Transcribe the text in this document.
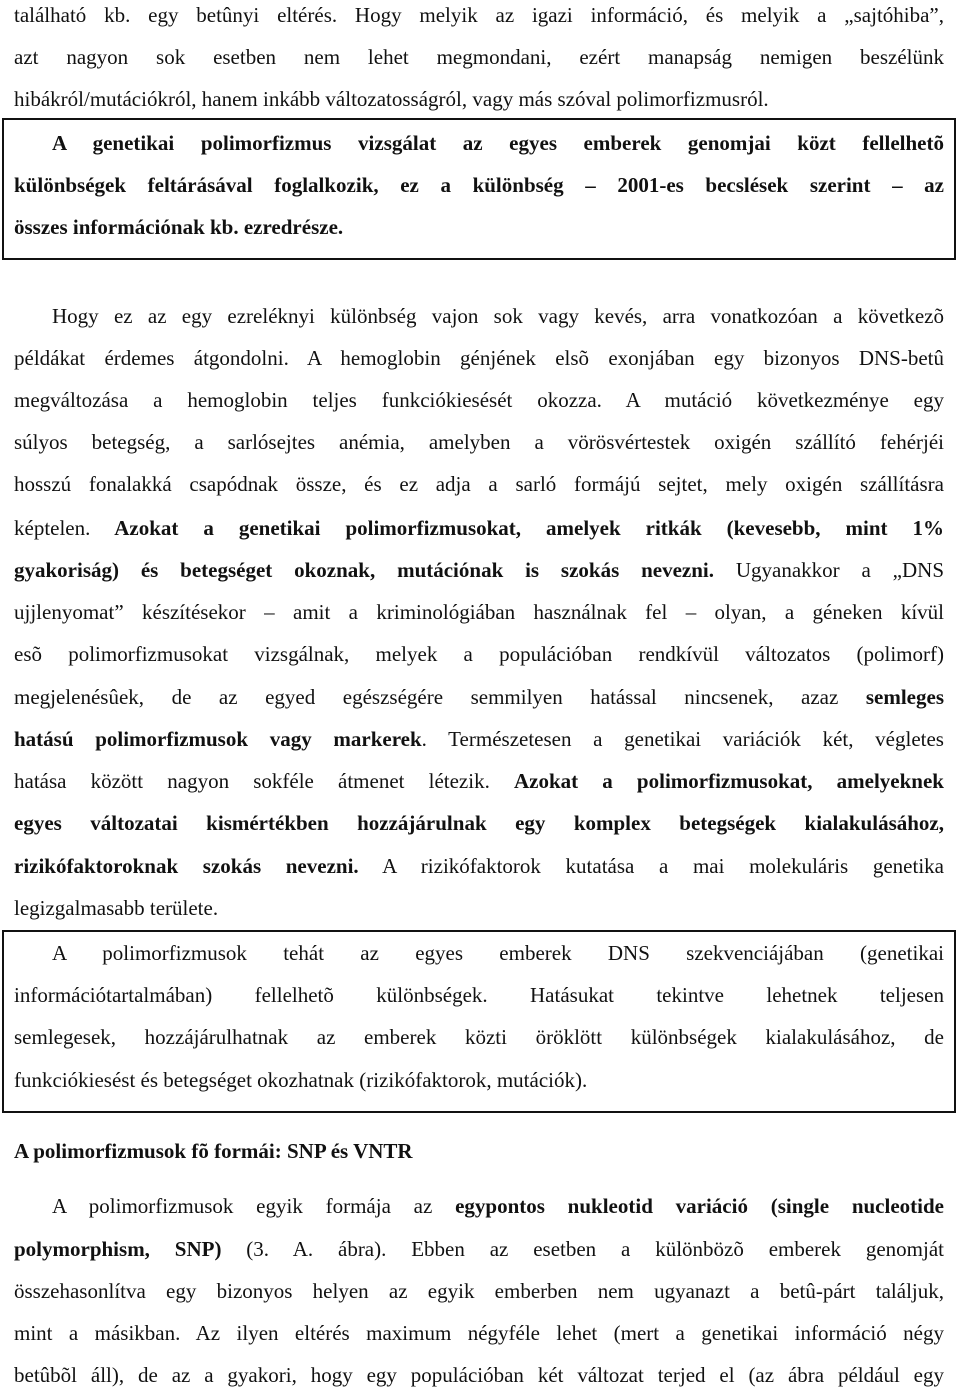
található kb. egy betûnyi eltérés. Hogy melyik az igazi információ, és melyik a „sajtóhiba”,
azt nagyon sok esetben nem lehet megmondani, ezért manapság nemigen beszélünk
hibákról/mutációkról, hanem inkább változatosságról, vagy más szóval polimorfizmusról.
A genetikai polimorfizmus vizsgálat az egyes emberek genomjai közt fellelhetõ
különbségek feltárásával foglalkozik, ez a különbség – 2001-es becslések szerint – az
összes információnak kb. ezredrésze.
Hogy ez az egy ezreléknyi különbség vajon sok vagy kevés, arra vonatkozóan a következõ
példákat érdemes átgondolni. A hemoglobin génjének elsõ exonjában egy bizonyos DNS-betû
megváltozása a hemoglobin teljes funkciókiesését okozza. A mutáció következménye egy
súlyos betegség, a sarlósejtes anémia, amelyben a vörösvértestek oxigén szállító fehérjéi
hosszú fonalakká csapódnak össze, és ez adja a sarló formájú sejtet, mely oxigén szállításra
képtelen. Azokat a genetikai polimorfizmusokat, amelyek ritkák (kevesebb, mint 1%
gyakoriság) és betegséget okoznak, mutációnak is szokás nevezni. Ugyanakkor a „DNS
ujjlenyomat” készítésekor – amit a kriminológiában használnak fel – olyan, a géneken kívül
esõ polimorfizmusokat vizsgálnak, melyek a populációban rendkívül változatos (polimorf)
megjelenésûek, de az egyed egészségére semmilyen hatással nincsenek, azaz semleges
hatású polimorfizmusok vagy markerek. Természetesen a genetikai variációk két, végletes
hatása között nagyon sokféle átmenet létezik. Azokat a polimorfizmusokat, amelyeknek
egyes változatai kismértékben hozzájárulnak egy komplex betegségek kialakulásához,
rizikófaktoroknak szokás nevezni. A rizikófaktorok kutatása a mai molekuláris genetika
legizgalmasabb területe.
A polimorfizmusok tehát az egyes emberek DNS szekvenciájában (genetikai
információtartalmában) fellelhetõ különbségek. Hatásukat tekintve lehetnek teljesen
semlegesek, hozzájárulhatnak az emberek közti öröklött különbségek kialakulásához, de
funkciókiesést és betegséget okozhatnak (rizikófaktorok, mutációk).
A polimorfizmusok fõ formái: SNP és VNTR
A polimorfizmusok egyik formája az egypontos nukleotid variáció (single nucleotide
polymorphism, SNP) (3. A. ábra). Ebben az esetben a különbözõ emberek genomját
összehasonlítva egy bizonyos helyen az egyik emberben nem ugyanazt a betû-párt találjuk,
mint a másikban. Az ilyen eltérés maximum négyféle lehet (mert a genetikai információ négy
betûbõl áll), de az a gyakori, hogy egy populációban két változat terjed el (az ábra például egy
